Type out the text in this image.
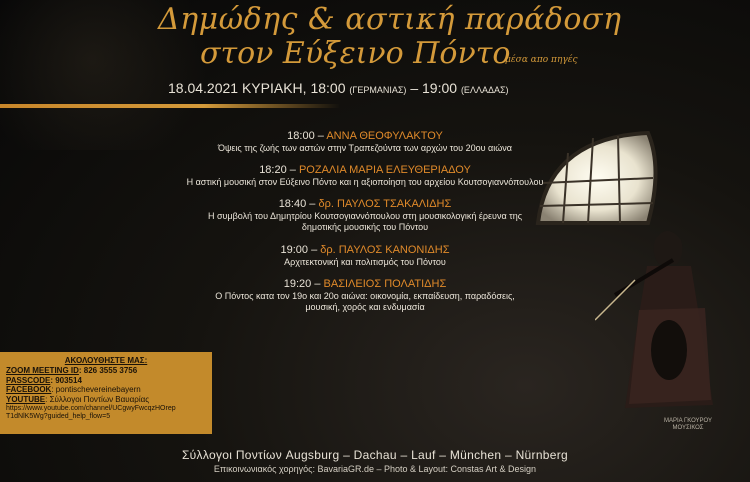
Δημώδης & αστική παράδοση
στον Εύξεινο Πόντο
μέσα απο πηγές
18.04.2021 ΚΥΡΙΑΚΗ, 18:00 (ΓΕΡΜΑΝΙΑΣ) – 19:00 (ΕΛΛΑΔΑΣ)
18:00 – ΑΝΝΑ ΘΕΟΦΥΛΑΚΤΟΥ
Όψεις της ζωής των αστών στην Τραπεζούντα των αρχών του 20ου αιώνα
18:20 – ΡΟΖΑΛΙΑ ΜΑΡΙΑ ΕΛΕΥΘΕΡΙΑΔΟΥ
Η αστική μουσική στον Εύξεινο Πόντο και η αξιοποίηση του αρχείου Κουτσογιαννόπουλου
18:40 – δρ. ΠΑΥΛΟΣ ΤΣΑΚΑΛΙΔΗΣ
Η συμβολή του Δημητρίου Κουτσογιαννόπουλου στη μουσικολογική έρευνα της δημοτικής μουσικής του Πόντου
19:00 – δρ. ΠΑΥΛΟΣ ΚΑΝΟΝΙΔΗΣ
Αρχιτεκτονική και πολιτισμός του Πόντου
19:20 – ΒΑΣΙΛΕΙΟΣ ΠΟΛΑΤΙΔΗΣ
Ο Πόντος κατα τον 19ο και 20ο αιώνα: οικονομία, εκπαίδευση, παραδόσεις, μουσική, χορός και ενδυμασία
ΜΑΡΙΑ ΓΚΟΥΡΟΥ ΜΟΥΣΙΚΟΣ
ΑΚΟΛΟΥΘΗΣΤΕ ΜΑΣ:
ZOOM MEETING ID: 826 3555 3756
PASSCODE: 903514
FACEBOOK: pontischevereinebayern
YOUTUBE: Σύλλογοι Ποντίων Βαυαρίας
https://www.youtube.com/channel/UCgwyFwcqzHOrep T1dNlK5Wg?guided_help_flow=5
Σύλλογοι Ποντίων Augsburg – Dachau – Lauf – München – Nürnberg
Επικοινωνιακός χορηγός: BavariaGR.de – Photo & Layout: Constas Art & Design
